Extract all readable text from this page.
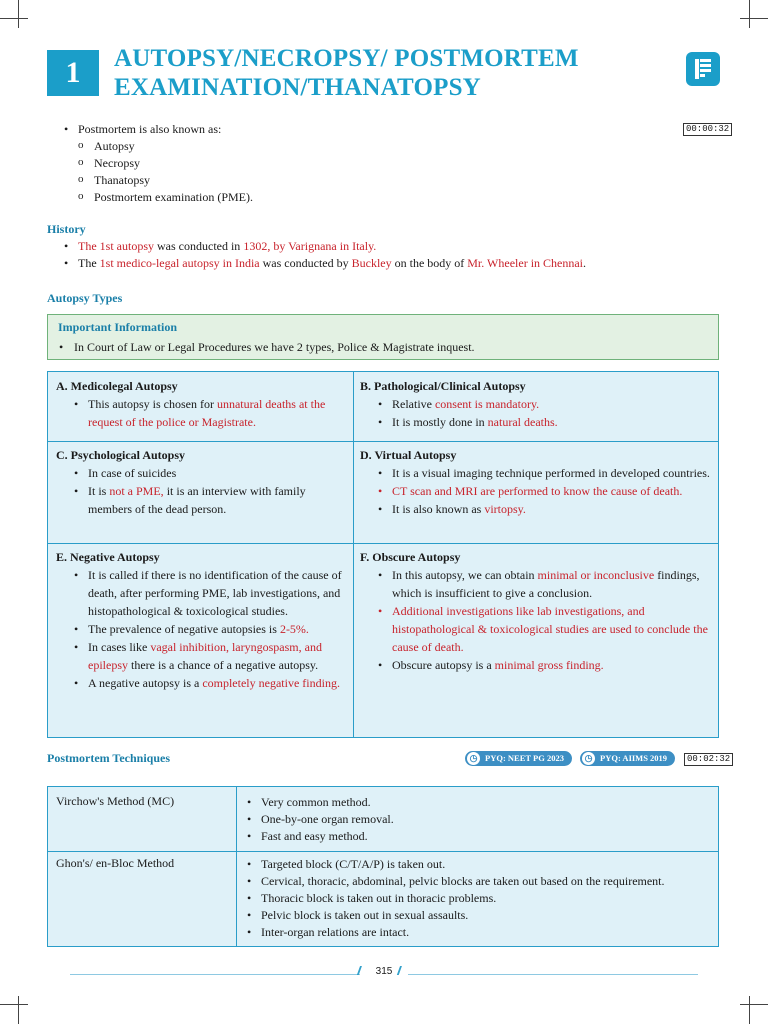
1	AUTOPSY/NECROPSY/ POSTMORTEM
EXAMINATION/THANATOPSY
00:00:32
• Postmortem is also known as:
o Autopsy
o Necropsy
o Thanatopsy
o Postmortem examination (PME).
History
• The 1st autopsy was conducted in 1302, by Varignana in Italy.
• The 1st medico-legal autopsy in India was conducted by Buckley on the body of Mr. Wheeler in Chennai.
Autopsy Types
Important Information
• In Court of Law or Legal Procedures we have 2 types, Police & Magistrate inquest.
A. Medicolegal Autopsy
• This autopsy is chosen for unnatural deaths at the request of the police or Magistrate.
B. Pathological/Clinical Autopsy
• Relative consent is mandatory.
• It is mostly done in natural deaths.
C. Psychological Autopsy
• In case of suicides
• It is not a PME, it is an interview with family members of the dead person.
D. Virtual Autopsy
• It is a visual imaging technique performed in developed countries.
• CT scan and MRI are performed to know the cause of death.
• It is also known as virtopsy.
E. Negative Autopsy
• It is called if there is no identification of the cause of death, after performing PME, lab investigations, and histopathological & toxicological studies.
• The prevalence of negative autopsies is 2-5%.
• In cases like vagal inhibition, laryngospasm, and epilepsy there is a chance of a negative autopsy.
• A negative autopsy is a completely negative finding.
F. Obscure Autopsy
• In this autopsy, we can obtain minimal or inconclusive findings, which is insufficient to give a conclusion.
• Additional investigations like lab investigations, and histopathological & toxicological studies are used to conclude the cause of death.
• Obscure autopsy is a minimal gross finding.
Postmortem Techniques	◷ PYQ: NEET PG 2023	◷ PYQ: AIIMS 2019	00:02:32
Virchow's Method (MC)	• Very common method.
• One-by-one organ removal.
• Fast and easy method.
Ghon's/ en-Bloc Method	• Targeted block (C/T/A/P) is taken out.
• Cervical, thoracic, abdominal, pelvic blocks are taken out based on the requirement.
• Thoracic block is taken out in thoracic problems.
• Pelvic block is taken out in sexual assaults.
• Inter-organ relations are intact.
//	315 //
